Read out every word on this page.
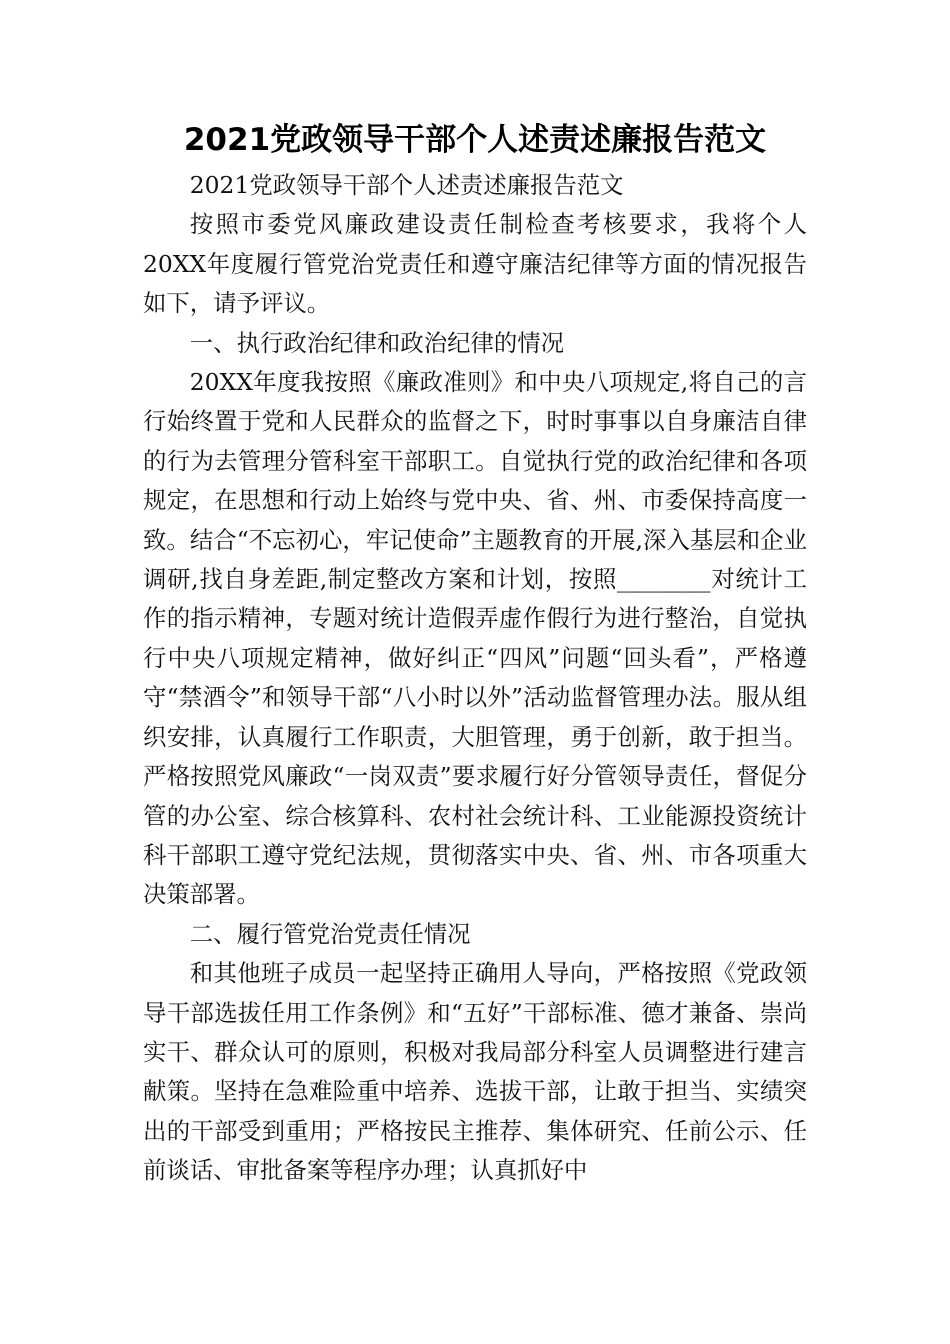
2021党政领导干部个人述责述廉报告范文

2021党政领导干部个人述责述廉报告范文

按照市委党风廉政建设责任制检查考核要求，我将个人20XX年度履行管党治党责任和遵守廉洁纪律等方面的情况报告如下，请予评议。

一、执行政治纪律和政治纪律的情况

20XX年度我按照《廉政准则》和中央八项规定,将自己的言行始终置于党和人民群众的监督之下，时时事事以自身廉洁自律的行为去管理分管科室干部职工。自觉执行党的政治纪律和各项规定，在思想和行动上始终与党中央、省、州、市委保持高度一致。结合“不忘初心，牢记使命”主题教育的开展,深入基层和企业调研,找自身差距,制定整改方案和计划，按照________对统计工作的指示精神，专题对统计造假弄虚作假行为进行整治，自觉执行中央八项规定精神，做好纠正“四风”问题“回头看”，严格遵守“禁酒令”和领导干部“八小时以外”活动监督管理办法。服从组织安排，认真履行工作职责，大胆管理，勇于创新，敢于担当。严格按照党风廉政“一岗双责”要求履行好分管领导责任，督促分管的办公室、综合核算科、农村社会统计科、工业能源投资统计科干部职工遵守党纪法规，贯彻落实中央、省、州、市各项重大决策部署。

二、履行管党治党责任情况

和其他班子成员一起坚持正确用人导向，严格按照《党政领导干部选拔任用工作条例》和“五好”干部标准、德才兼备、崇尚实干、群众认可的原则，积极对我局部分科室人员调整进行建言献策。坚持在急难险重中培养、选拔干部，让敢于担当、实绩突出的干部受到重用；严格按民主推荐、集体研究、任前公示、任前谈话、审批备案等程序办理；认真抓好中
